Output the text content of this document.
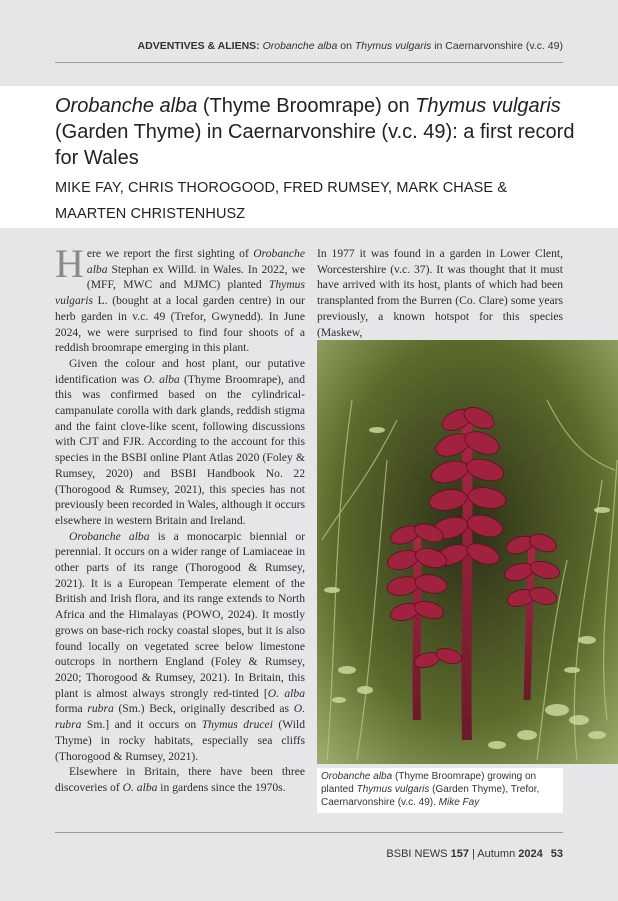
ADVENTIVES & ALIENS: Orobanche alba on Thymus vulgaris in Caernarvonshire (v.c. 49)
Orobanche alba (Thyme Broomrape) on Thymus vulgaris (Garden Thyme) in Caernarvonshire (v.c. 49): a first record for Wales
MIKE FAY, CHRIS THOROGOOD, FRED RUMSEY, MARK CHASE & MAARTEN CHRISTENHUSZ

Here we report the first sighting of Orobanche alba Stephan ex Willd. in Wales. In 2022, we (MFF, MWC and MJMC) planted Thymus vulgaris L. (bought at a local garden centre) in our herb garden in v.c. 49 (Trefor, Gwynedd). In June 2024, we were surprised to find four shoots of a reddish broomrape emerging in this plant.

Given the colour and host plant, our putative identification was O. alba (Thyme Broomrape), and this was confirmed based on the cylindrical-campanulate corolla with dark glands, reddish stigma and the faint clove-like scent, following discussions with CJT and FJR. According to the account for this species in the BSBI online Plant Atlas 2020 (Foley & Rumsey, 2020) and BSBI Handbook No. 22 (Thorogood & Rumsey, 2021), this species has not previously been recorded in Wales, although it occurs elsewhere in western Britain and Ireland.

Orobanche alba is a monocarpic biennial or perennial. It occurs on a wider range of Lamiaceae in other parts of its range (Thorogood & Rumsey, 2021). It is a European Temperate element of the British and Irish flora, and its range extends to North Africa and the Himalayas (POWO, 2024). It mostly grows on base-rich rocky coastal slopes, but it is also found locally on vegetated scree below limestone outcrops in northern England (Foley & Rumsey, 2020; Thorogood & Rumsey, 2021). In Britain, this plant is almost always strongly red-tinted [O. alba forma rubra (Sm.) Beck, originally described as O. rubra Sm.] and it occurs on Thymus drucei (Wild Thyme) in rocky habitats, especially sea cliffs (Thorogood & Rumsey, 2021).

Elsewhere in Britain, there have been three discoveries of O. alba in gardens since the 1970s.

In 1977 it was found in a garden in Lower Clent, Worcestershire (v.c. 37). It was thought that it must have arrived with its host, plants of which had been transplanted from the Burren (Co. Clare) some years previously, a known hotspot for this species (Maskew,

Orobanche alba (Thyme Broomrape) growing on planted Thymus vulgaris (Garden Thyme), Trefor, Caernarvonshire (v.c. 49). Mike Fay
BSBI NEWS 157 | Autumn 2024 53
